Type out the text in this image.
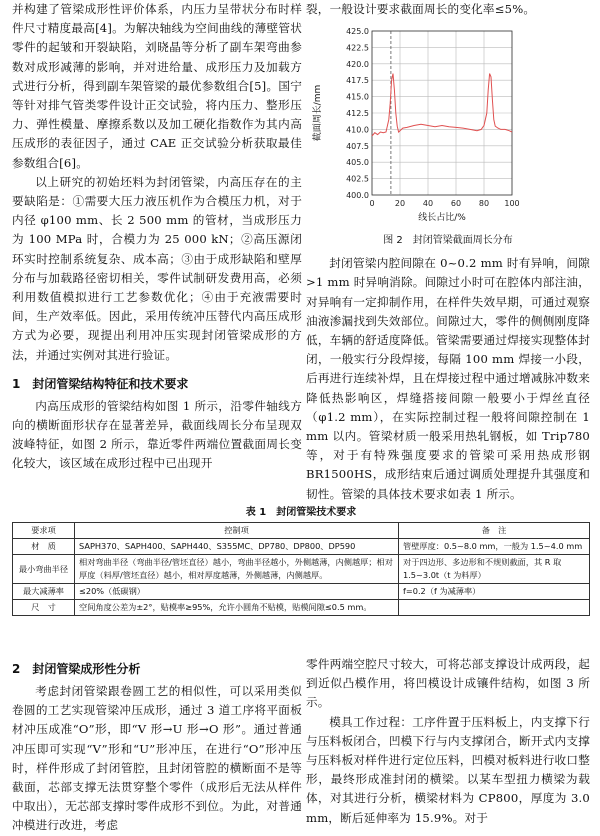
并构建了管梁成形性评价体系，内压力呈带状分布时样件尺寸精度最高[4]。为解决轴线为空间曲线的薄壁管状零件的起皱和开裂缺陷，刘晓晶等分析了副车架弯曲参数对成形减薄的影响，并对进给量、成形压力及加载方式进行分析，得到副车架管梁的最优参数组合[5]。国宁等针对排气管类零件设计正交试验，将内压力、整形压力、弹性模量、摩擦系数以及加工硬化指数作为其内高压成形的表征因子，通过 CAE 正交试验分析获取最佳参数组合[6]。

以上研究的初始坯料为封闭管梁，内高压存在的主要缺陷是：①需要大压力液压机作为合模压力机，对于内径 φ100 mm、长 2 500 mm 的管材，当成形压力为 100 MPa 时，合模力为 25 000 kN；②高压源闭环实时控制系统复杂、成本高；③由于成形缺陷和壁厚分布与加载路径密切相关，零件试制研发费用高，必须利用数值模拟进行工艺参数优化；④由于充液需要时间，生产效率低。因此，采用传统冲压替代内高压成形方式为必要，现提出利用冲压实现封闭管梁成形的方法，并通过实例对其进行验证。

1　封闭管梁结构特征和技术要求

内高压成形的管梁结构如图 1 所示，沿零件轴线方向的横断面形状存在显著差异，截面线周长分布呈现双波峰特征，如图 2 所示，靠近零件两端位置截面周长变化较大，该区域在成形过程中已出现开

裂，一般设计要求截面周长的变化率≤5%。

400.0
402.5
405.0
407.5
410.0
412.5
415.0
417.5
420.0
422.5
425.0
0	20 40 60 80 100
线长占比/%
截面周长/mm
图 2　封闭管梁截面周长分布

封闭管梁内腔间隙在 0~0.2 mm 时有异响，间隙 >1 mm 时异响消除。间隙过小时可在腔体内部注油，对异响有一定抑制作用，在样件失效早期，可通过观察油液渗漏找到失效部位。间隙过大，零件的侧侧刚度降低，车辆的舒适度降低。管梁需要通过焊接实现整体封闭，一般实行分段焊接，每隔 100 mm 焊接一小段，后再进行连续补焊，且在焊接过程中通过增减脉冲数来降低热影响区，焊缝搭接间隙一般要小于焊丝直径（φ1.2 mm），在实际控制过程一般将间隙控制在 1 mm 以内。管梁材质一般采用热轧钢板，如 Trip780 等，对于有特殊强度要求的管梁可采用热成形钢 BR1500HS，成形结束后通过调质处理提升其强度和韧性。管梁的具体技术要求如表 1 所示。

表 1　封闭管梁技术要求
要求项	控制项	备　注
材　质	SAPH370、SAPH400、SAPH440、S355MC、DP780、DP800、DP590	管壁厚度：0.5~8.0 mm，一般为 1.5~4.0 mm
最小弯曲半径	相对弯曲半径（弯曲半径/管坯直径）越小，弯曲半径越小，外侧越薄，内侧越厚；相对厚度（料厚/管坯直径）越小，相对厚度越薄，外侧越薄，内侧越厚。	对于四边形、多边形和不规则截面，其 R 取 1.5~3.0t（t 为料厚）
最大减薄率	≤20%（低碳钢）	f=0.2（f 为减薄率）
尺　寸	空间角度公差为±2°，贴模率≥95%，允许小圆角不贴模，贴模间隙≤0.5 mm。	
2　封闭管梁成形性分析

考虑封闭管梁跟卷圆工艺的相似性，可以采用类似卷圆的工艺实现管梁冲压成形，通过 3 道工序将平面板材冲压成准“O”形，即“V 形→U 形→O 形”。通过普通冲压即可实现“V”形和“U”形冲压，在进行“O”形冲压时，样件形成了封闭管腔，且封闭管腔的横断面不是等截面，芯部支撑无法贯穿整个零件（成形后无法从样件中取出），无芯部支撑时零件成形不到位。为此，对普通冲模进行改进，考虑

零件两端空腔尺寸较大，可将芯部支撑设计成两段，起到近似凸模作用，将凹模设计成镶件结构，如图 3 所示。

模具工作过程：工序件置于压料板上，内支撑下行与压料板闭合，凹模下行与内支撑闭合，断开式内支撑与压料板对样件进行定位压料，凹模对板料进行收口整形，最终形成准封闭的横梁。以某车型扭力横梁为载体，对其进行分析，横梁材料为 CP800，厚度为 3.0 mm，断后延伸率为 15.9%。对于
